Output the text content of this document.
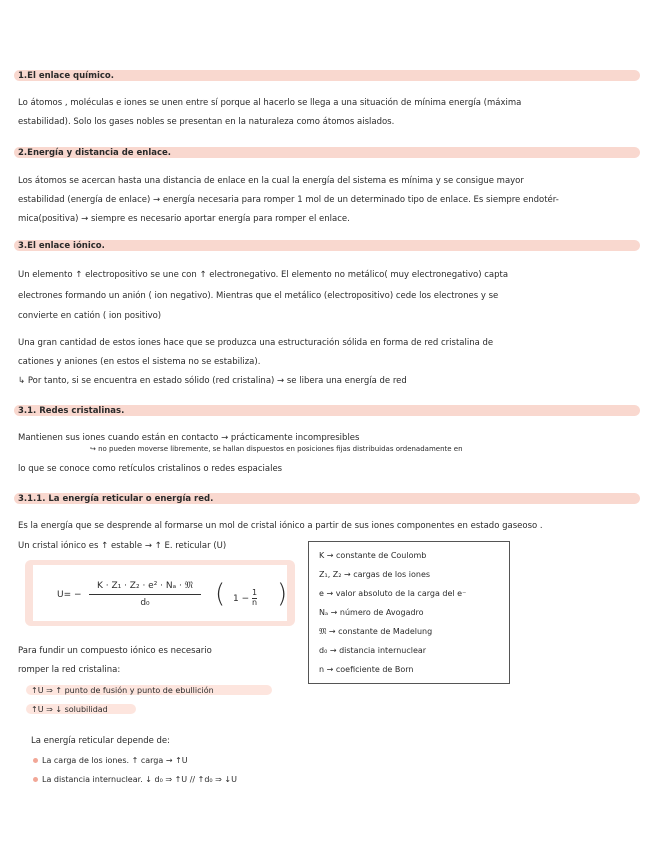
1.El enlace químico.
Lo átomos , moléculas e iones se unen entre sí porque al hacerlo se llega a una situación de mínima energía (máxima
estabilidad). Solo los gases nobles se presentan en la naturaleza como átomos aislados.
2.Energía y distancia de enlace.
Los átomos se acercan hasta una distancia de enlace en la cual la energía del sistema es mínima y se consigue mayor
estabilidad (energía de enlace) → energía necesaria para romper 1 mol de un determinado tipo de enlace. Es siempre endotér-
mica(positiva) → siempre es necesario aportar energía para romper el enlace.
3.El enlace iónico.
Un elemento ↑ electropositivo se une con ↑ electronegativo. El elemento no metálico( muy electronegativo) capta
electrones formando un anión ( ion negativo). Mientras que el metálico (electropositivo) cede los electrones y se
convierte en catión ( ion positivo)
Una gran cantidad de estos iones hace que se produzca una estructuración sólida en forma de red cristalina de
cationes y aniones (en estos el sistema no se estabiliza).
↳ Por tanto, si se encuentra en estado sólido (red cristalina) → se libera una energía de red
3.1. Redes cristalinas.
Mantienen sus iones cuando están en contacto → prácticamente incompresibles
↪ no pueden moverse libremente, se hallan dispuestos en posiciones fijas distribuidas ordenadamente en
lo que se conoce como retículos cristalinos o redes espaciales
3.1.1. La energía reticular o energía red.
Es la energía que se desprende al formarse un mol de cristal iónico a partir de sus iones componentes en estado gaseoso .
Un cristal iónico es ↑ estable → ↑ E. reticular (U)
U= −
K · Z₁ · Z₂ · e² · Nₐ · 𝔐
d₀	( $1 - \frac{1}{n}$ )
K → constante de Coulomb
Z₁, Z₂ → cargas de los iones
e → valor absoluto de la carga del e⁻
Nₐ → número de Avogadro
𝔐 → constante de Madelung
d₀ → distancia internuclear
n → coeficiente de Born
Para fundir un compuesto iónico es necesario
romper la red cristalina:
↑U ⇒ ↑ punto de fusión y punto de ebullición
↑U ⇒ ↓ solubilidad
La energía reticular depende de:
La carga de los iones. ↑ carga → ↑U
La distancia internuclear. ↓ d₀ ⇒ ↑U // ↑d₀ ⇒ ↓U
